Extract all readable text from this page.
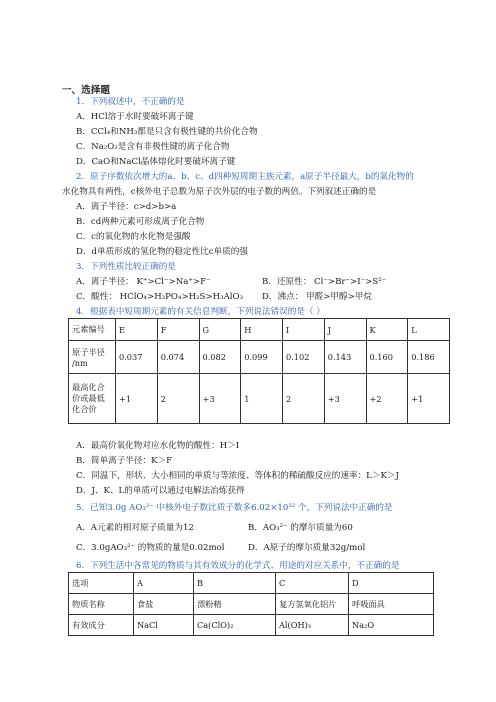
一、选择题
1．下列叙述中，不正确的是
A．HCl溶于水时要破坏离子键
B．CCl₄和NH₃都是只含有极性键的共价化合物
C．Na₂O₂是含有非极性键的离子化合物
D．CaO和NaCl晶体熔化时要破坏离子键
2．原子序数依次增大的a、b、c、d四种短周期主族元素，a原子半径最大，b的氧化物的
水化物具有两性，c核外电子总数为原子次外层的电子数的两倍。下列叙述正确的是
A．离子半径：c>d>b>a
B．cd两种元素可形成离子化合物
C．c的氧化物的水化物是强酸
D．d单质形成的氢化物的稳定性比c单质的强
3．下列性质比较正确的是
A．离子半径： K⁺>Cl⁻>Na⁺>F⁻	B．还原性： Cl⁻>Br⁻>I⁻>S²⁻
C．酸性： HClO₄>H₃PO₄>H₂S>H₃AlO₃ D．沸点： 甲醛>甲醇>甲烷
4．根据表中短周期元素的有关信息判断，下列说法错误的是（ ）
元素编号	E	F	G	H	I	J	K	L

原子半径
/nm	0.037	0.074	0.082	0.099	0.102	0.143	0.160	0.186

最高化合
价或最低
化合价	+1	2	+3	1	2	+3	+2	+1
A．最高价氧化物对应水化物的酸性：H＞I
B．简单离子半径：K＞F
C．同温下，形状、大小相同的单质与等浓度、等体积的稀硫酸反应的速率：L＞K＞J
D．J、K、L的单质可以通过电解法冶炼获得
5．已知3.0g AO₃²⁻ 中核外电子数比质子数多6.02×10²² 个，下列说法中正确的是
A．A元素的相对原子质量为12	B．AO₃²⁻ 的摩尔质量为60
C．3.0gAO₃²⁻ 的物质的量是0.02mol	D．A原子的摩尔质量32g/mol
6．下列生活中各常见的物质与其有效成分的化学式、用途的对应关系中，不正确的是
选项	A	B	C	D
物质名称	食盐	漂粉精	复方氢氧化铝片	呼吸面具
有效成分	NaCl	Ca(ClO)₂	Al(OH)₃	Na₂O
